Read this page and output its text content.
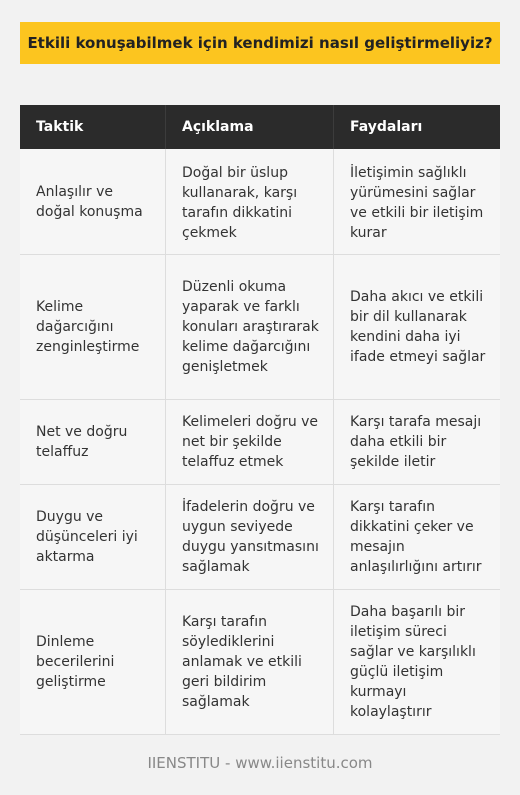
Etkili konuşabilmek için kendimizi nasıl geliştirmeliyiz?
Taktik	Açıklama	Faydaları
Anlaşılır ve doğal konuşma	Doğal bir üslup kullanarak, karşı tarafın dikkatini çekmek	İletişimin sağlıklı yürümesini sağlar ve etkili bir iletişim kurar
Kelime dağarcığını zenginleştirme	Düzenli okuma yaparak ve farklı konuları araştırarak kelime dağarcığını genişletmek	Daha akıcı ve etkili bir dil kullanarak kendini daha iyi ifade etmeyi sağlar
Net ve doğru telaffuz	Kelimeleri doğru ve net bir şekilde telaffuz etmek	Karşı tarafa mesajı daha etkili bir şekilde iletir
Duygu ve düşünceleri iyi aktarma	İfadelerin doğru ve uygun seviyede duygu yansıtmasını sağlamak	Karşı tarafın dikkatini çeker ve mesajın anlaşılırlığını artırır
Dinleme becerilerini geliştirme	Karşı tarafın söylediklerini anlamak ve etkili geri bildirim sağlamak	Daha başarılı bir iletişim süreci sağlar ve karşılıklı güçlü iletişim kurmayı kolaylaştırır
IIENSTITU - www.iienstitu.com
